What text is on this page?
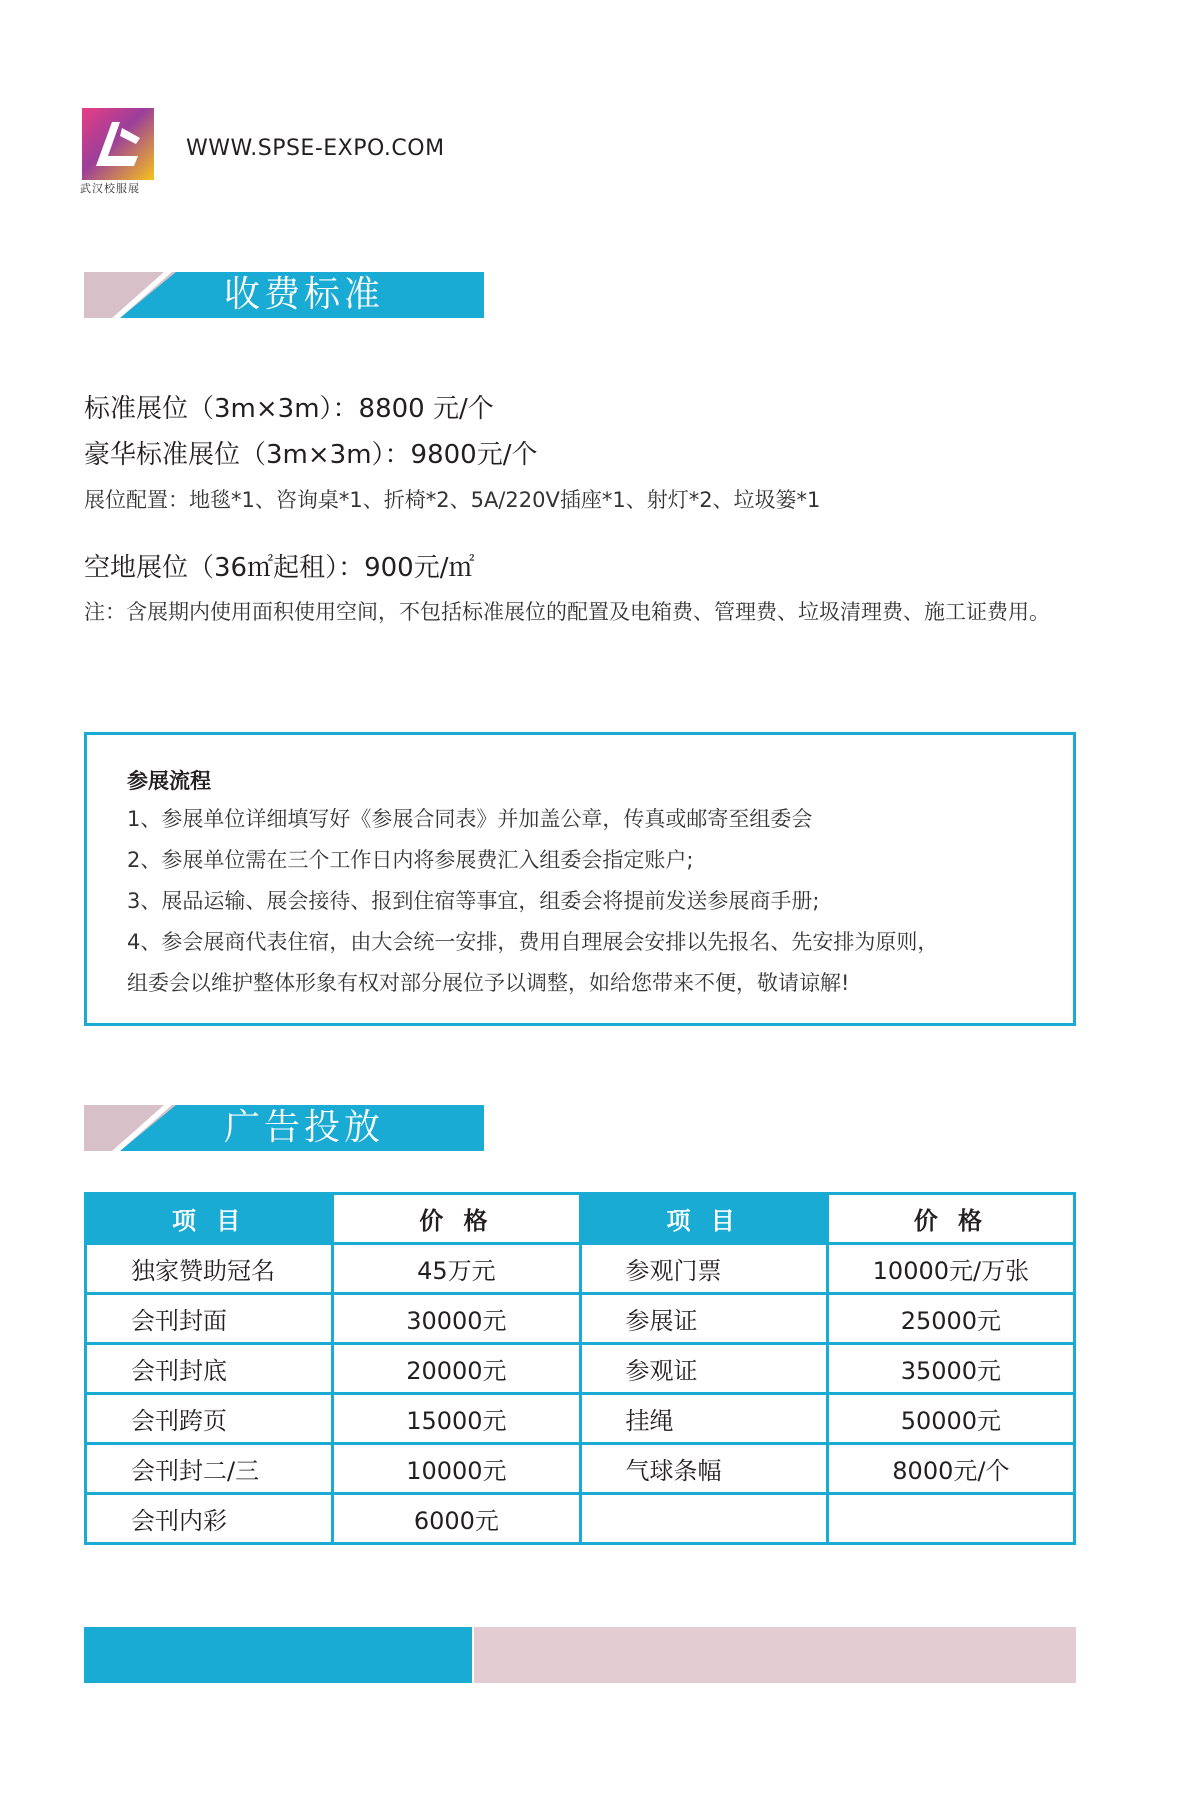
武汉校服展
WWW.SPSE-EXPO.COM
收费标准
标准展位（3m×3m）：8800 元/个
豪华标准展位（3m×3m）：9800元/个
展位配置：地毯*1、咨询桌*1、折椅*2、5A/220V插座*1、射灯*2、垃圾篓*1
空地展位（36㎡起租）：900元/㎡
注：含展期内使用面积使用空间，不包括标准展位的配置及电箱费、管理费、垃圾清理费、施工证费用。
参展流程
1、参展单位详细填写好《参展合同表》并加盖公章，传真或邮寄至组委会
2、参展单位需在三个工作日内将参展费汇入组委会指定账户;
3、展品运输、展会接待、报到住宿等事宜，组委会将提前发送参展商手册;
4、参会展商代表住宿，由大会统一安排，费用自理展会安排以先报名、先安排为原则，
组委会以维护整体形象有权对部分展位予以调整，如给您带来不便，敬请谅解!
广告投放
项 目	价 格	项 目	价 格
独家赞助冠名	45万元	参观门票	10000元/万张
会刊封面	30000元	参展证	25000元
会刊封底	20000元	参观证	35000元
会刊跨页	15000元	挂绳	50000元
会刊封二/三	10000元	气球条幅	8000元/个
会刊内彩	6000元		
